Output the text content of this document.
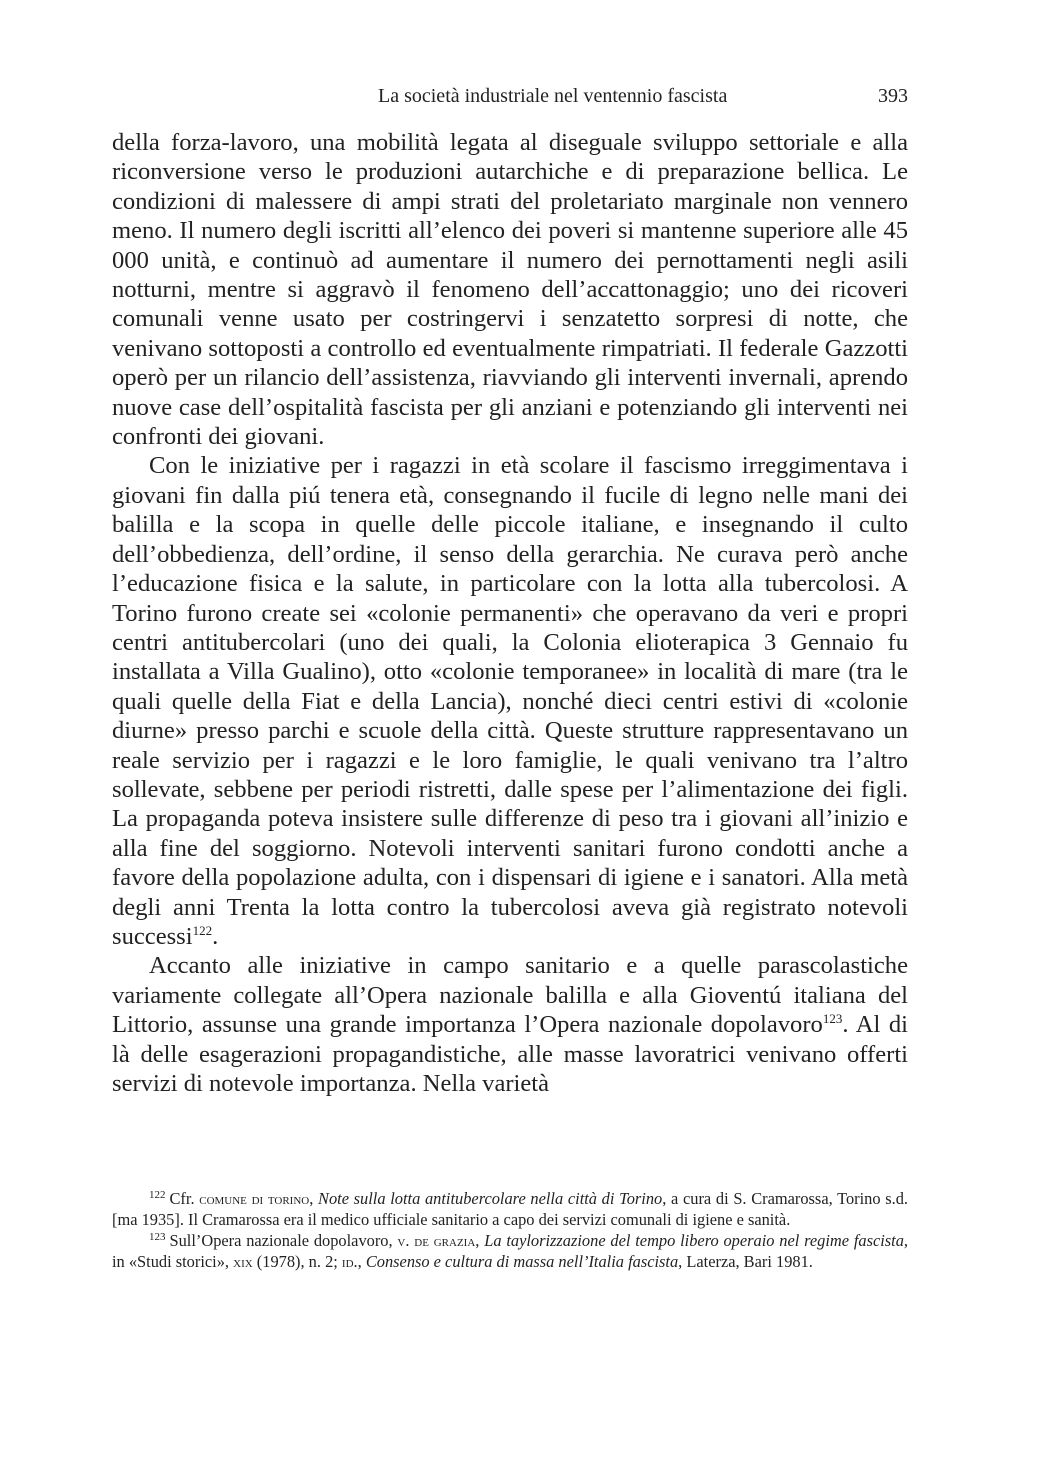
La società industriale nel ventennio fascista	393

della forza-lavoro, una mobilità legata al diseguale sviluppo settoriale e alla riconversione verso le produzioni autarchiche e di preparazione bellica. Le condizioni di malessere di ampi strati del proletariato marginale non vennero meno. Il numero degli iscritti all’elenco dei poveri si mantenne superiore alle 45 000 unità, e continuò ad aumentare il numero dei pernottamenti negli asili notturni, mentre si aggravò il fenomeno dell’accattonaggio; uno dei ricoveri comunali venne usato per costringervi i senzatetto sorpresi di notte, che venivano sottoposti a controllo ed eventualmente rimpatriati. Il federale Gazzotti operò per un rilancio dell’assistenza, riavviando gli interventi invernali, aprendo nuove case dell’ospitalità fascista per gli anziani e potenziando gli interventi nei confronti dei giovani.

Con le iniziative per i ragazzi in età scolare il fascismo irreggimentava i giovani fin dalla piú tenera età, consegnando il fucile di legno nelle mani dei balilla e la scopa in quelle delle piccole italiane, e insegnando il culto dell’obbedienza, dell’ordine, il senso della gerarchia. Ne curava però anche l’educazione fisica e la salute, in particolare con la lotta alla tubercolosi. A Torino furono create sei «colonie permanenti» che operavano da veri e propri centri antitubercolari (uno dei quali, la Colonia elioterapica 3 Gennaio fu installata a Villa Gualino), otto «colonie temporanee» in località di mare (tra le quali quelle della Fiat e della Lancia), nonché dieci centri estivi di «colonie diurne» presso parchi e scuole della città. Queste strutture rappresentavano un reale servizio per i ragazzi e le loro famiglie, le quali venivano tra l’altro sollevate, sebbene per periodi ristretti, dalle spese per l’alimentazione dei figli. La propaganda poteva insistere sulle differenze di peso tra i giovani all’inizio e alla fine del soggiorno. Notevoli interventi sanitari furono condotti anche a favore della popolazione adulta, con i dispensari di igiene e i sanatori. Alla metà degli anni Trenta la lotta contro la tubercolosi aveva già registrato notevoli successi$^{122}$.

Accanto alle iniziative in campo sanitario e a quelle parascolastiche variamente collegate all’Opera nazionale balilla e alla Gioventú italiana del Littorio, assunse una grande importanza l’Opera nazionale dopolavoro$^{123}$. Al di là delle esagerazioni propagandistiche, alle masse lavoratrici venivano offerti servizi di notevole importanza. Nella varietà

$^{122}$ Cfr. comune di torino, Note sulla lotta antitubercolare nella città di Torino, a cura di S. Cramarossa, Torino s.d. [ma 1935]. Il Cramarossa era il medico ufficiale sanitario a capo dei servizi comunali di igiene e sanità.

$^{123}$ Sull’Opera nazionale dopolavoro, v. de grazia, La taylorizzazione del tempo libero operaio nel regime fascista, in «Studi storici», xix (1978), n. 2; id., Consenso e cultura di massa nell’Italia fascista, Laterza, Bari 1981.
